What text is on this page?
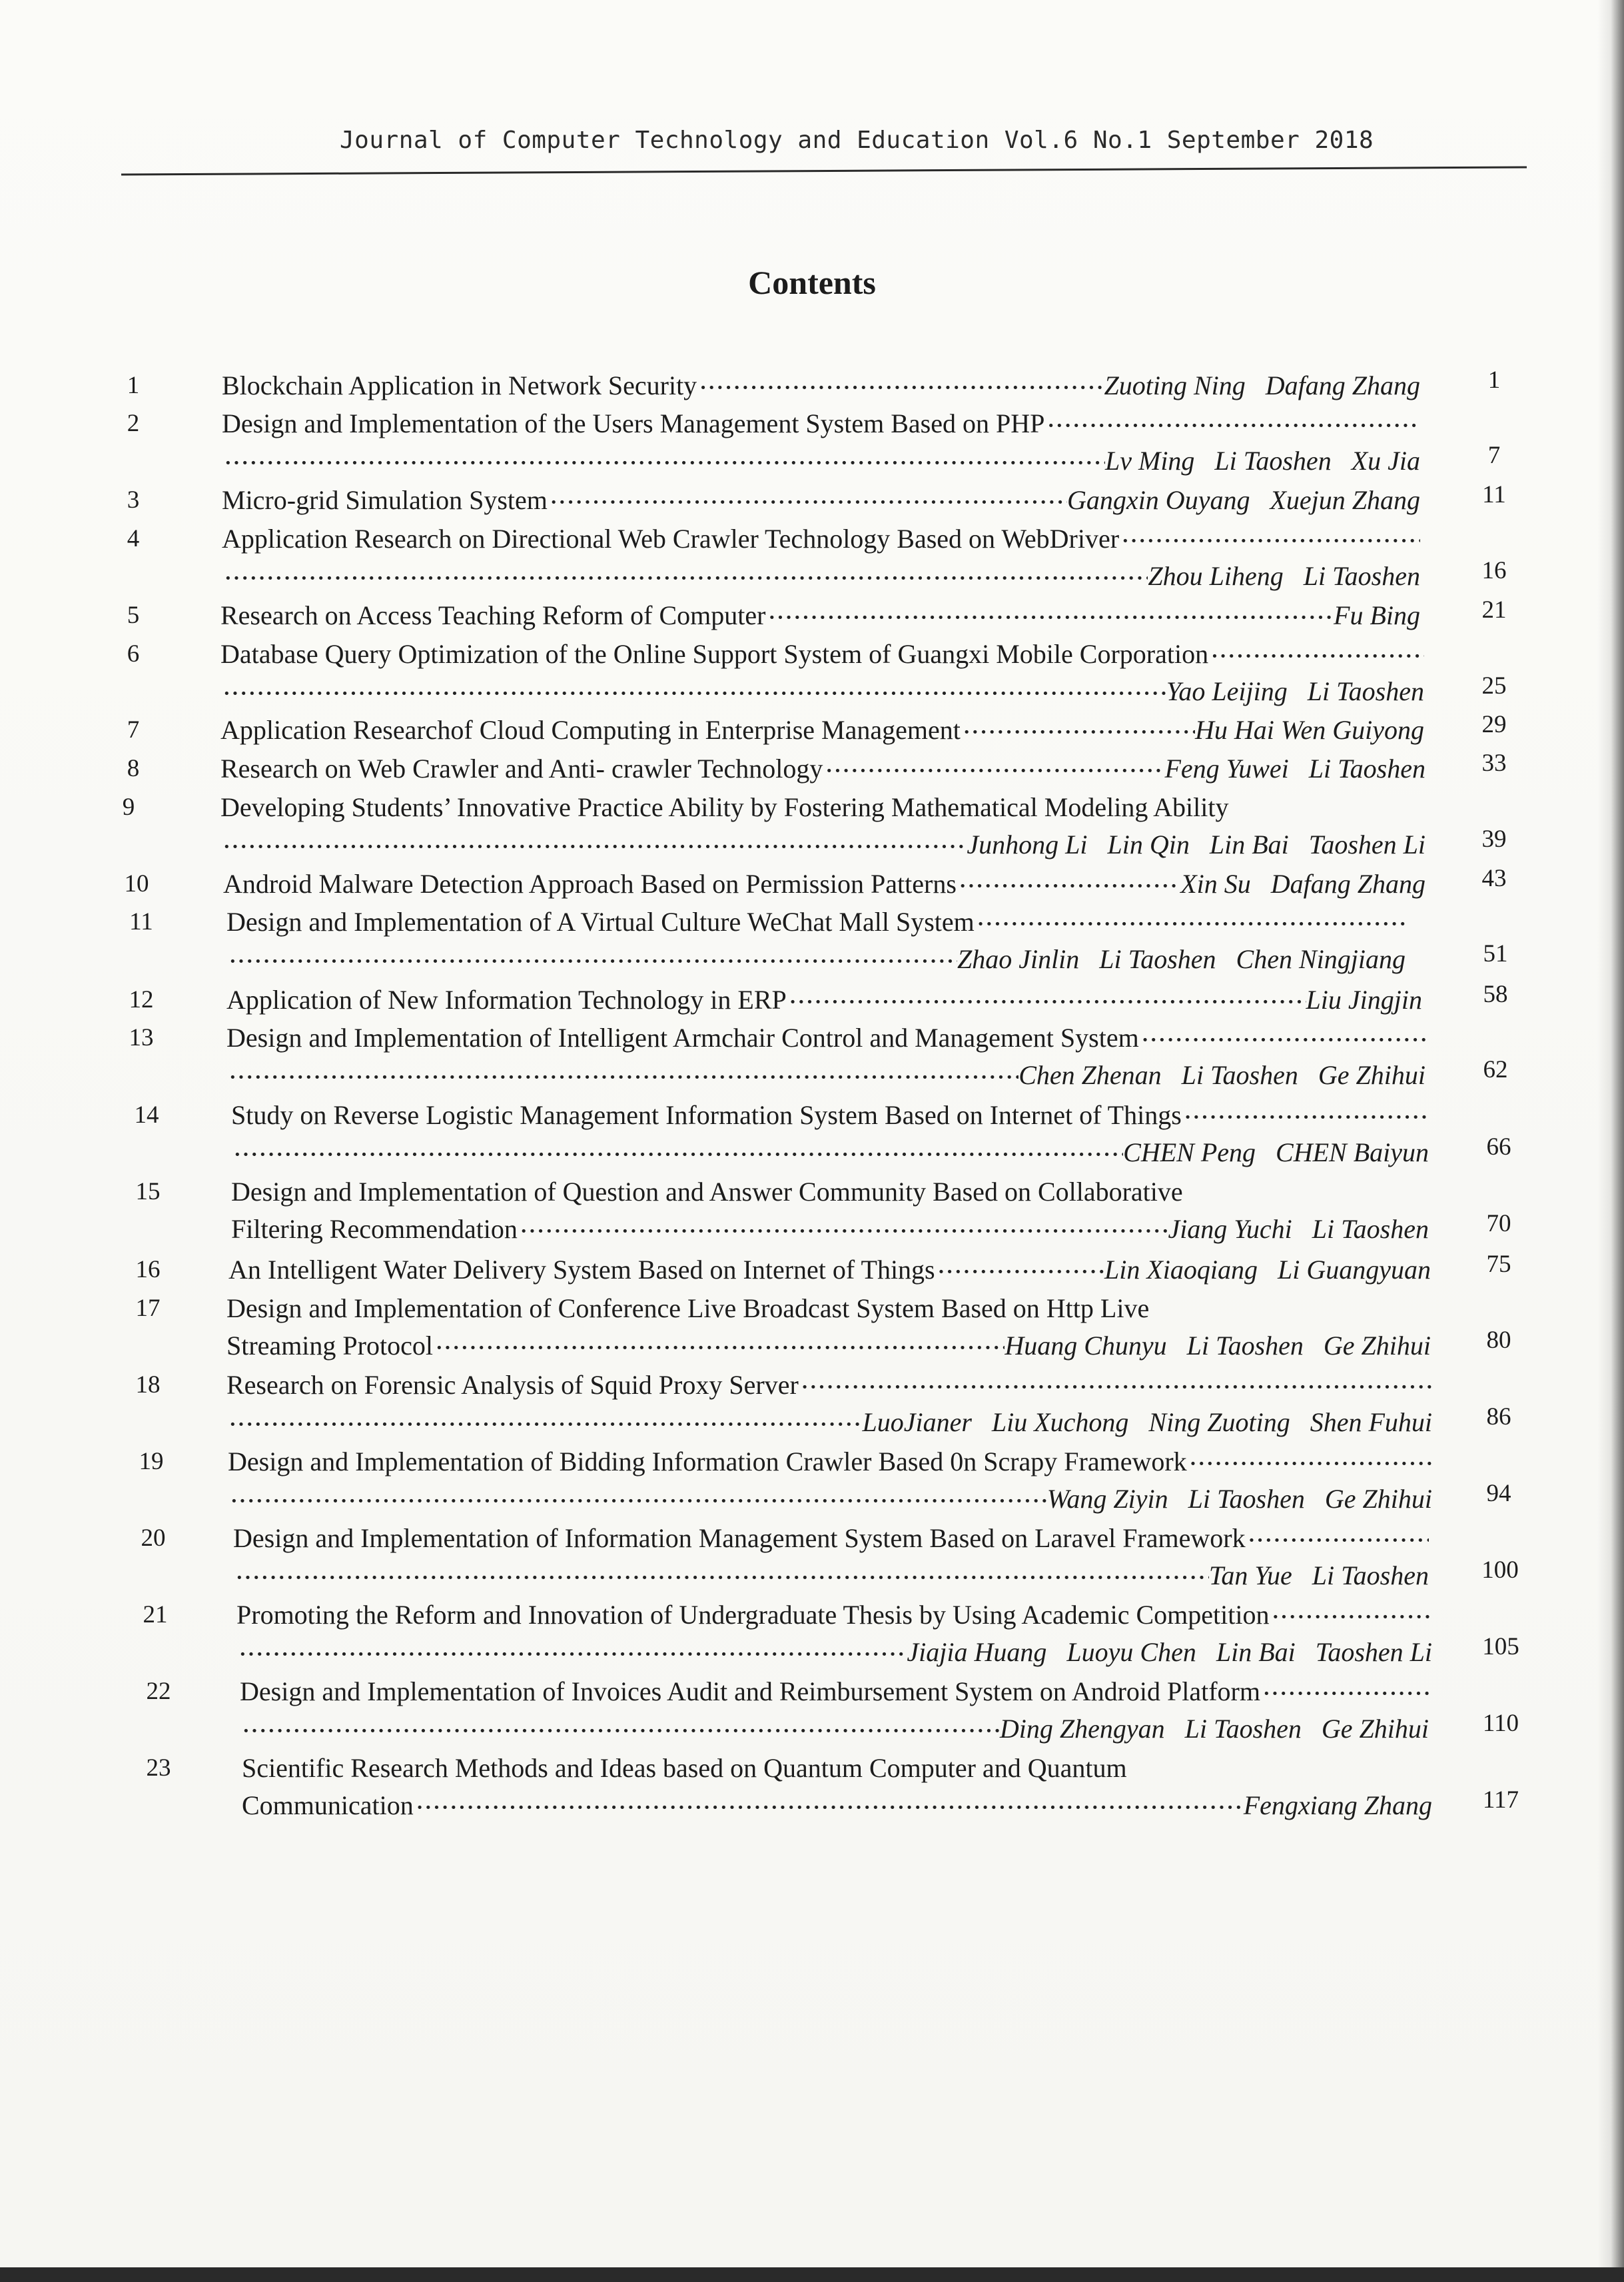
Journal of Computer Technology and Education Vol.6 No.1 September 2018
Contents
1	Blockchain Application in Network Security ·····	Zuoting Ning   Dafang Zhang	1
2	Design and Implementation of the Users Management System Based on PHP
·····
·····
Lv Ming   Li Taoshen   Xu Jia	7
3	Micro-grid Simulation System ·····	Gangxin Ouyang   Xuejun Zhang	11
4	Application Research on Directional Web Crawler Technology Based on WebDriver
·····
·····
Zhou Liheng   Li Taoshen	16
5	Research on Access Teaching Reform of Computer ·····	Fu Bing	21
6	Database Query Optimization of the Online Support System of Guangxi Mobile Corporation
·····
·····
Yao Leijing   Li Taoshen	25
7	Application Researchof Cloud Computing in Enterprise Management ·····	Hu Hai Wen Guiyong	29
8	Research on Web Crawler and Anti- crawler Technology ·····	Feng Yuwei   Li Taoshen	33
9	Developing Students’ Innovative Practice Ability by Fostering Mathematical Modeling Ability
·····
Junhong Li   Lin Qin   Lin Bai   Taoshen Li	39
10	Android Malware Detection Approach Based on Permission Patterns ·····	Xin Su   Dafang Zhang	43
11	Design and Implementation of A Virtual Culture WeChat Mall System
·····
·····
Zhao Jinlin   Li Taoshen   Chen Ningjiang	51
12	Application of New Information Technology in ERP ·····	Liu Jingjin	58
13	Design and Implementation of Intelligent Armchair Control and Management System
·····
·····
Chen Zhenan   Li Taoshen   Ge Zhihui	62
14	Study on Reverse Logistic Management Information System Based on Internet of Things
·····
·····
CHEN Peng   CHEN Baiyun	66
15	Design and Implementation of Question and Answer Community Based on Collaborative
Filtering Recommendation ·····	Jiang Yuchi   Li Taoshen	70
16	An Intelligent Water Delivery System Based on Internet of Things ·····	Lin Xiaoqiang   Li Guangyuan	75
17	Design and Implementation of Conference Live Broadcast System Based on Http Live
Streaming Protocol ·····	Huang Chunyu   Li Taoshen   Ge Zhihui	80
18	Research on Forensic Analysis of Squid Proxy Server
·····
·····
LuoJianer   Liu Xuchong   Ning Zuoting   Shen Fuhui	86
19	Design and Implementation of Bidding Information Crawler Based 0n Scrapy Framework
·····
·····
Wang Ziyin   Li Taoshen   Ge Zhihui	94
20	Design and Implementation of Information Management System Based on Laravel Framework
·····
·····
Tan Yue   Li Taoshen	100
21	Promoting the Reform and Innovation of Undergraduate Thesis by Using Academic Competition
·····
·····
Jiajia Huang   Luoyu Chen   Lin Bai   Taoshen Li	105
22	Design and Implementation of Invoices Audit and Reimbursement System on Android Platform
·····
·····
Ding Zhengyan   Li Taoshen   Ge Zhihui	110
23	Scientific Research Methods and Ideas based on Quantum Computer and Quantum
Communication ·····	Fengxiang Zhang	117
